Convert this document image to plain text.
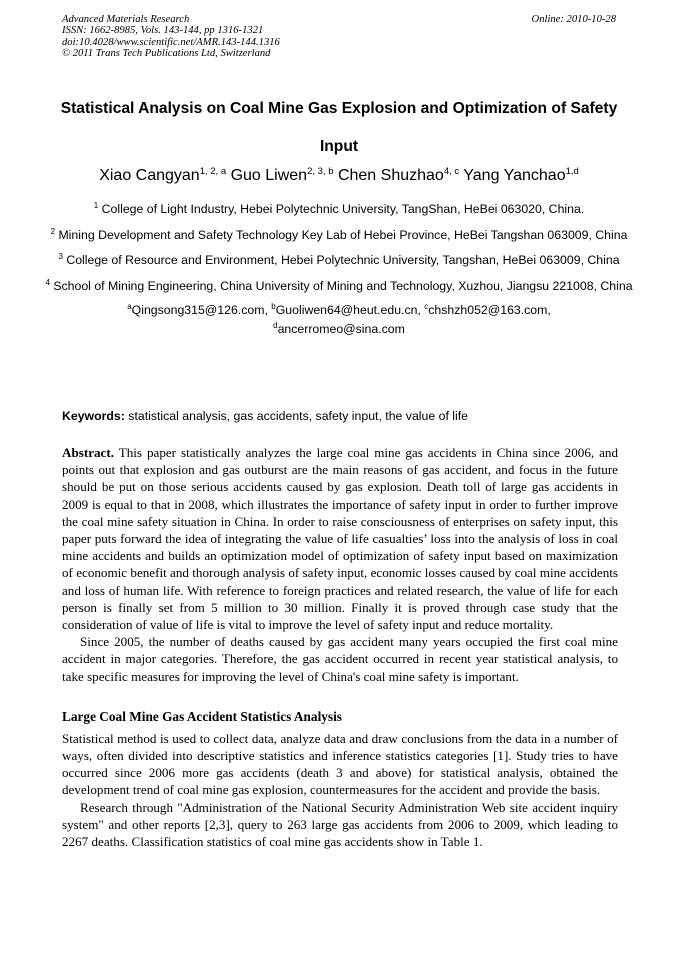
Advanced Materials Research	Online: 2010-10-28
ISSN: 1662-8985, Vols. 143-144, pp 1316-1321
doi:10.4028/www.scientific.net/AMR.143-144.1316
© 2011 Trans Tech Publications Ltd, Switzerland
Statistical Analysis on Coal Mine Gas Explosion and Optimization of Safety Input
Xiao Cangyan$^{1, 2, a}$ Guo Liwen$^{2, 3, b}$ Chen Shuzhao$^{4, c}$ Yang Yanchao$^{1,d}$
$^1$ College of Light Industry, Hebei Polytechnic University, TangShan, HeBei 063020, China.
$^2$ Mining Development and Safety Technology Key Lab of Hebei Province, HeBei Tangshan 063009, China
$^3$ College of Resource and Environment, Hebei Polytechnic University, Tangshan, HeBei 063009, China
$^4$ School of Mining Engineering, China University of Mining and Technology, Xuzhou, Jiangsu 221008, China
$^a$Qingsong315@126.com, $^b$Guoliwen64@heut.edu.cn, $^c$chshzh052@163.com,
$^d$ancerromeo@sina.com
Keywords: statistical analysis, gas accidents, safety input, the value of life

Abstract. This paper statistically analyzes the large coal mine gas accidents in China since 2006, and points out that explosion and gas outburst are the main reasons of gas accident, and focus in the future should be put on those serious accidents caused by gas explosion. Death toll of large gas accidents in 2009 is equal to that in 2008, which illustrates the importance of safety input in order to further improve the coal mine safety situation in China. In order to raise consciousness of enterprises on safety input, this paper puts forward the idea of integrating the value of life casualties’ loss into the analysis of loss in coal mine accidents and builds an optimization model of optimization of safety input based on maximization of economic benefit and thorough analysis of safety input, economic losses caused by coal mine accidents and loss of human life. With reference to foreign practices and related research, the value of life for each person is finally set from 5 million to 30 million. Finally it is proved through case study that the consideration of value of life is vital to improve the level of safety input and reduce mortality.

Since 2005, the number of deaths caused by gas accident many years occupied the first coal mine accident in major categories. Therefore, the gas accident occurred in recent year statistical analysis, to take specific measures for improving the level of China's coal mine safety is important.

Large Coal Mine Gas Accident Statistics Analysis

Statistical method is used to collect data, analyze data and draw conclusions from the data in a number of ways, often divided into descriptive statistics and inference statistics categories [1]. Study tries to have occurred since 2006 more gas accidents (death 3 and above) for statistical analysis, obtained the development trend of coal mine gas explosion, countermeasures for the accident and provide the basis.

Research through "Administration of the National Security Administration Web site accident inquiry system" and other reports [2,3], query to 263 large gas accidents from 2006 to 2009, which leading to 2267 deaths. Classification statistics of coal mine gas accidents show in Table 1.
